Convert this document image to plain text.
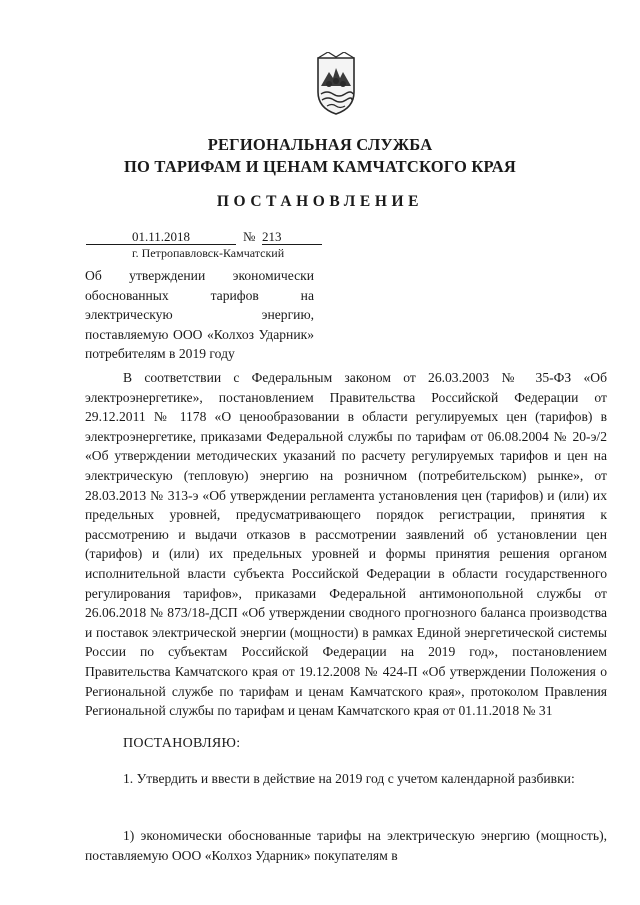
РЕГИОНАЛЬНАЯ СЛУЖБА
ПО ТАРИФАМ И ЦЕНАМ КАМЧАТСКОГО КРАЯ
ПОСТАНОВЛЕНИЕ
01.11.2018	№ 213
г. Петропавловск-Камчатский
Об утверждении экономически обоснованных тарифов на электрическую энергию, поставляемую ООО «Колхоз Ударник» потребителям в 2019 году
В соответствии с Федеральным законом от 26.03.2003 № 35-ФЗ «Об электроэнергетике», постановлением Правительства Российской Федерации от 29.12.2011 № 1178 «О ценообразовании в области регулируемых цен (тарифов) в электроэнергетике, приказами Федеральной службы по тарифам от 06.08.2004 № 20-э/2 «Об утверждении методических указаний по расчету регулируемых тарифов и цен на электрическую (тепловую) энергию на розничном (потребительском) рынке», от 28.03.2013 № 313-э «Об утверждении регламента установления цен (тарифов) и (или) их предельных уровней, предусматривающего порядок регистрации, принятия к рассмотрению и выдачи отказов в рассмотрении заявлений об установлении цен (тарифов) и (или) их предельных уровней и формы принятия решения органом исполнительной власти субъекта Российской Федерации в области государственного регулирования тарифов», приказами Федеральной антимонопольной службы от 26.06.2018 № 873/18-ДСП «Об утверждении сводного прогнозного баланса производства и поставок электрической энергии (мощности) в рамках Единой энергетической системы России по субъектам Российской Федерации на 2019 год», постановлением Правительства Камчатского края от 19.12.2008 № 424-П «Об утверждении Положения о Региональной службе по тарифам и ценам Камчатского края», протоколом Правления Региональной службы по тарифам и ценам Камчатского края от 01.11.2018 № 31
ПОСТАНОВЛЯЮ:
1. Утвердить и ввести в действие на 2019 год с учетом календарной разбивки:
1) экономически обоснованные тарифы на электрическую энергию (мощность), поставляемую ООО «Колхоз Ударник» покупателям в
